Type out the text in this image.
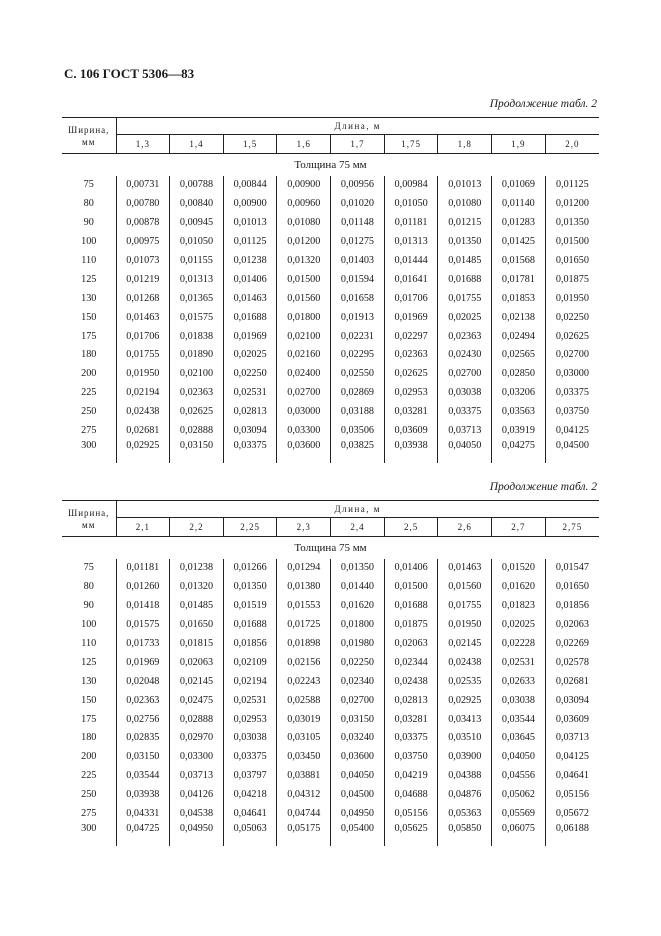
С. 106 ГОСТ 5306—83
Продолжение табл. 2
Ширина, мм	Длина, м								
	1,3	1,4	1,5	1,6	1,7	1,75	1,8	1,9	2,0
Толщина 75 мм									
75	0,00731	0,00788	0,00844	0,00900	0,00956	0,00984	0,01013	0,01069	0,01125
80	0,00780	0,00840	0,00900	0,00960	0,01020	0,01050	0,01080	0,01140	0,01200
90	0,00878	0,00945	0,01013	0,01080	0,01148	0,01181	0,01215	0,01283	0,01350
100	0,00975	0,01050	0,01125	0,01200	0,01275	0,01313	0,01350	0,01425	0,01500
110	0,01073	0,01155	0,01238	0,01320	0,01403	0,01444	0,01485	0,01568	0,01650
125	0,01219	0,01313	0,01406	0,01500	0,01594	0,01641	0,01688	0,01781	0,01875
130	0,01268	0,01365	0,01463	0,01560	0,01658	0,01706	0,01755	0,01853	0,01950
150	0,01463	0,01575	0,01688	0,01800	0,01913	0,01969	0,02025	0,02138	0,02250
175	0,01706	0,01838	0,01969	0,02100	0,02231	0,02297	0,02363	0,02494	0,02625
180	0,01755	0,01890	0,02025	0,02160	0,02295	0,02363	0,02430	0,02565	0,02700
200	0,01950	0,02100	0,02250	0,02400	0,02550	0,02625	0,02700	0,02850	0,03000
225	0,02194	0,02363	0,02531	0,02700	0,02869	0,02953	0,03038	0,03206	0,03375
250	0,02438	0,02625	0,02813	0,03000	0,03188	0,03281	0,03375	0,03563	0,03750
275	0,02681	0,02888	0,03094	0,03300	0,03506	0,03609	0,03713	0,03919	0,04125
300	0,02925	0,03150	0,03375	0,03600	0,03825	0,03938	0,04050	0,04275	0,04500
Продолжение табл. 2
Ширина, мм	Длина, м								
	2,1	2,2	2,25	2,3	2,4	2,5	2,6	2,7	2,75
Толщина 75 мм									
75	0,01181	0,01238	0,01266	0,01294	0,01350	0,01406	0,01463	0,01520	0,01547
80	0,01260	0,01320	0,01350	0,01380	0,01440	0,01500	0,01560	0,01620	0,01650
90	0,01418	0,01485	0,01519	0,01553	0,01620	0,01688	0,01755	0,01823	0,01856
100	0,01575	0,01650	0,01688	0,01725	0,01800	0,01875	0,01950	0,02025	0,02063
110	0,01733	0,01815	0,01856	0,01898	0,01980	0,02063	0,02145	0,02228	0,02269
125	0,01969	0,02063	0,02109	0,02156	0,02250	0,02344	0,02438	0,02531	0,02578
130	0,02048	0,02145	0,02194	0,02243	0,02340	0,02438	0,02535	0,02633	0,02681
150	0,02363	0,02475	0,02531	0,02588	0,02700	0,02813	0,02925	0,03038	0,03094
175	0,02756	0,02888	0,02953	0,03019	0,03150	0,03281	0,03413	0,03544	0,03609
180	0,02835	0,02970	0,03038	0,03105	0,03240	0,03375	0,03510	0,03645	0,03713
200	0,03150	0,03300	0,03375	0,03450	0,03600	0,03750	0,03900	0,04050	0,04125
225	0,03544	0,03713	0,03797	0,03881	0,04050	0,04219	0,04388	0,04556	0,04641
250	0,03938	0,04126	0,04218	0,04312	0,04500	0,04688	0,04876	0,05062	0,05156
275	0,04331	0,04538	0,04641	0,04744	0,04950	0,05156	0,05363	0,05569	0,05672
300	0,04725	0,04950	0,05063	0,05175	0,05400	0,05625	0,05850	0,06075	0,06188
